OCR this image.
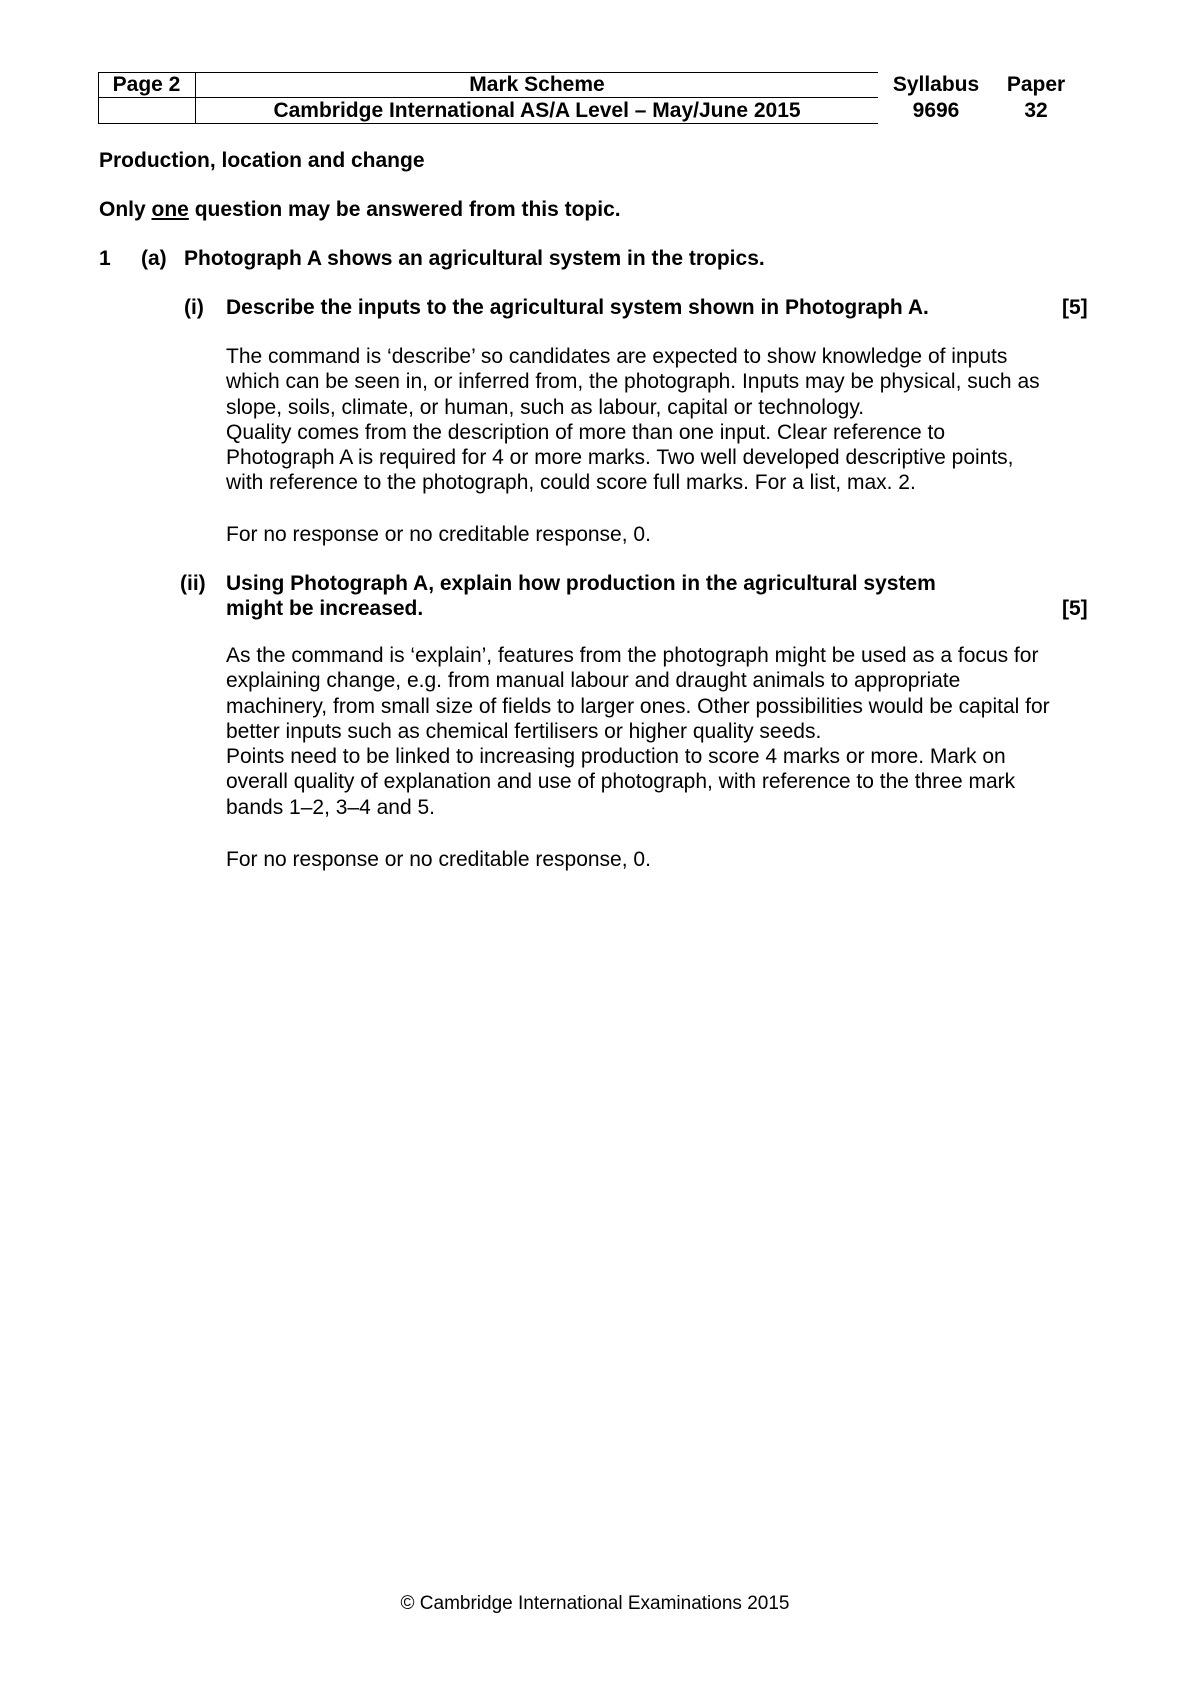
Page 2	Mark Scheme
Cambridge International AS/A Level – May/June 2015
Syllabus
9696
Paper
32
Production, location and change
Only one question may be answered from this topic.
1 (a) Photograph A shows an agricultural system in the tropics.
(i) Describe the inputs to the agricultural system shown in Photograph A.	[5]
The command is ‘describe’ so candidates are expected to show knowledge of inputs
which can be seen in, or inferred from, the photograph. Inputs may be physical, such as
slope, soils, climate, or human, such as labour, capital or technology.
Quality comes from the description of more than one input. Clear reference to
Photograph A is required for 4 or more marks. Two well developed descriptive points,
with reference to the photograph, could score full marks. For a list, max. 2.
For no response or no creditable response, 0.
(ii) Using Photograph A, explain how production in the agricultural system
might be increased.	[5]
As the command is ‘explain’, features from the photograph might be used as a focus for
explaining change, e.g. from manual labour and draught animals to appropriate
machinery, from small size of fields to larger ones. Other possibilities would be capital for
better inputs such as chemical fertilisers or higher quality seeds.
Points need to be linked to increasing production to score 4 marks or more. Mark on
overall quality of explanation and use of photograph, with reference to the three mark
bands 1–2, 3–4 and 5.
For no response or no creditable response, 0.
© Cambridge International Examinations 2015
